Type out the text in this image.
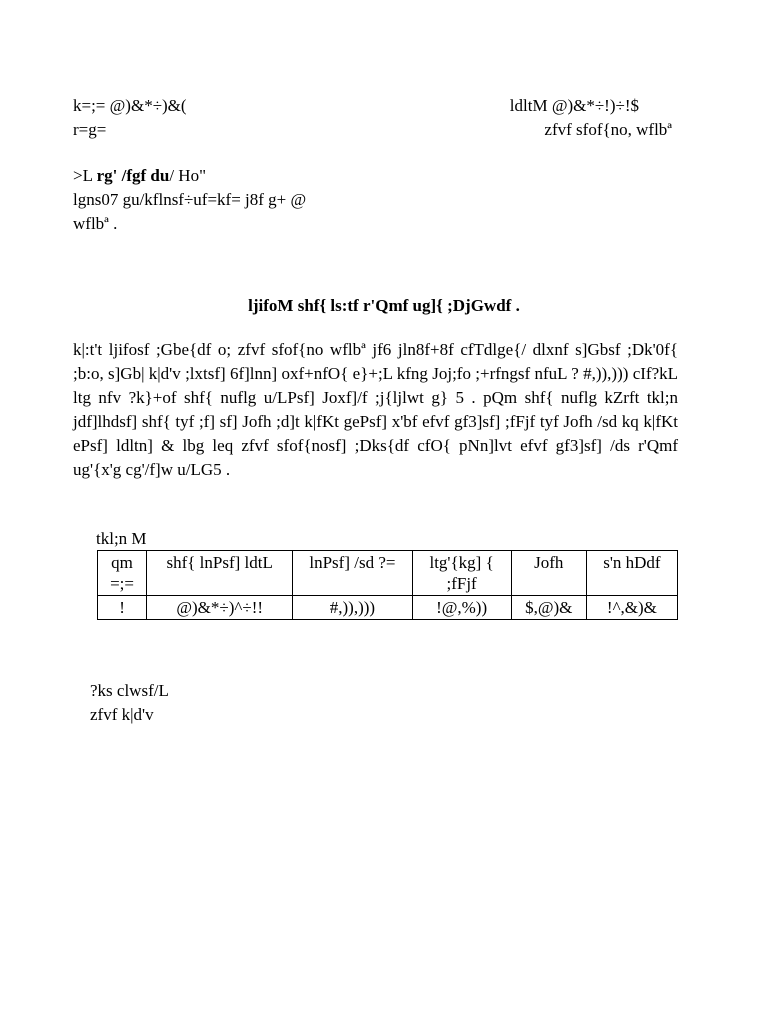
k=;= @)&*÷)&(
r=g=
ldltM @)&*÷!)÷!$
zfvf sfof{no, wflbª
>L rg' /fgf du/ Ho"
lgns07 gu/kflnsf÷uf=kf= j8f g+ @
wflbª .
ljifoM shf{ ls:tf r'Qmf ug]{ ;DjGwdf .
k|:t't ljifosf ;Gbe{df o; zfvf sfof{no wflbª jf6 jln8f+8f cfTdlge{/ dlxnf s]Gbsf ;Dk'0f{ ;b:o, s]Gb| k|d'v ;lxtsf] 6f]lnn] oxf+nfO{ e}+;L kfng Joj;fo ;+rfngsf nfuL ? #,)),))) cIf?kL ltg nfv ?k}+of shf{ nuflg u/LPsf] Joxf]/f ;j{ljlwt g} 5 . pQm shf{ nuflg kZrft tkl;n jdf]lhdsf] shf{ tyf ;f] sf] Jofh ;d]t k|fKt gePsf] x'bf efvf gf3]sf] ;fFjf tyf Jofh /sd kq k|fKt ePsf] ldltn] & lbg leq zfvf sfof{nosf] ;Dks{df cfO{ pNn]lvt efvf gf3]sf] /ds r'Qmf ug'{x'g cg'/f]w u/LG5 .
tkl;n M
qm =;=	shf{ lnPsf] ldtL	lnPsf] /sd ?=	ltg'{kg] { ;fFjf	Jofh	s'n hDdf
!	@)&*÷)^÷!!	#,)),)))	!@,%))	$,@)&	!^,&)&
?ks clwsf/L
zfvf k|d'v
